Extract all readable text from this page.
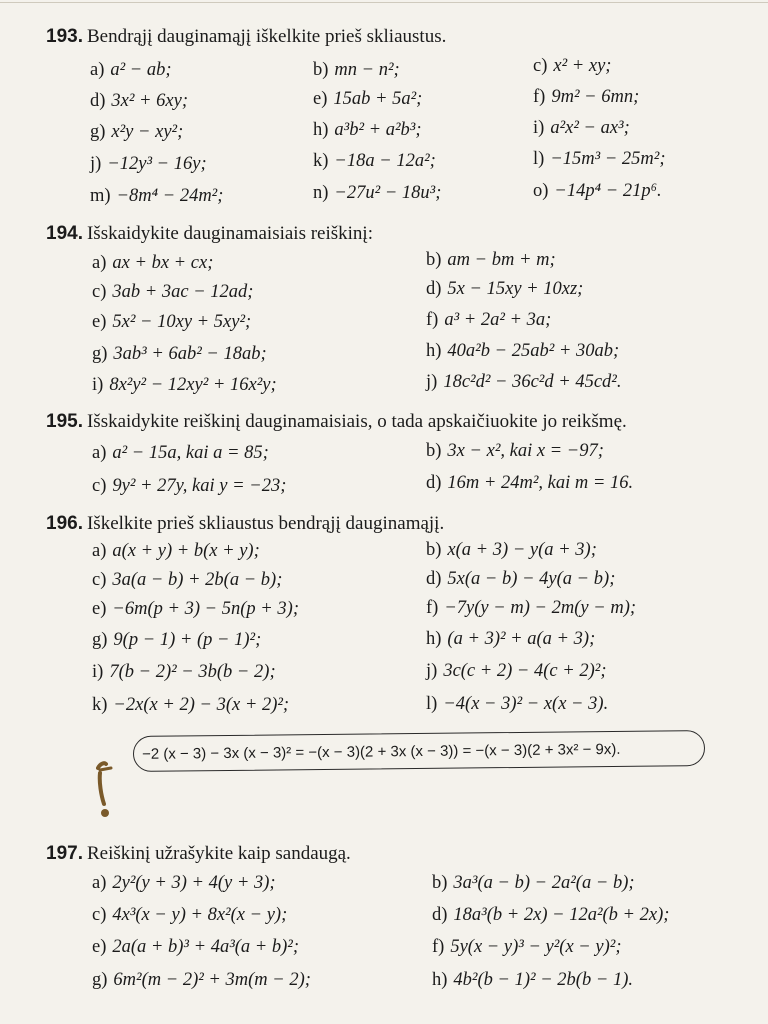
193. Bendrąjį dauginamąjį iškelkite prieš skliaustus.
a) a² − ab;	b) mn − n²;	c) x² + xy;
d) 3x² + 6xy;	e) 15ab + 5a²;	f) 9m² − 6mn;
g) x²y − xy²;	h) a³b² + a²b³;	i) a²x² − ax³;
j) −12y³ − 16y;	k) −18a − 12a²;	l) −15m³ − 25m²;
m) −8m⁴ − 24m²;	n) −27u² − 18u³;	o) −14p⁴ − 21p⁶.
194. Išskaidykite dauginamaisiais reiškinį:
a) ax + bx + cx;	b) am − bm + m;
c) 3ab + 3ac − 12ad;	d) 5x − 15xy + 10xz;
e) 5x² − 10xy + 5xy²;	f) a³ + 2a² + 3a;
g) 3ab³ + 6ab² − 18ab;	h) 40a²b − 25ab² + 30ab;
i) 8x²y² − 12xy² + 16x²y;	j) 18c²d² − 36c²d + 45cd².
195. Išskaidykite reiškinį dauginamaisiais, o tada apskaičiuokite jo reikšmę.
a) a² − 15a, kai a = 85;	b) 3x − x², kai x = −97;
c) 9y² + 27y, kai y = −23;	d) 16m + 24m², kai m = 16.
196. Iškelkite prieš skliaustus bendrąjį dauginamąjį.
a) a(x + y) + b(x + y);	b) x(a + 3) − y(a + 3);
c) 3a(a − b) + 2b(a − b);	d) 5x(a − b) − 4y(a − b);
e) −6m(p + 3) − 5n(p + 3);	f) −7y(y − m) − 2m(y − m);
g) 9(p − 1) + (p − 1)²;	h) (a + 3)² + a(a + 3);
i) 7(b − 2)² − 3b(b − 2);	j) 3c(c + 2) − 4(c + 2)²;
k) −2x(x + 2) − 3(x + 2)²;	l) −4(x − 3)² − x(x − 3).
−2 (x − 3) − 3x (x − 3)² = −(x − 3)(2 + 3x (x − 3)) = −(x − 3)(2 + 3x² − 9x).
197. Reiškinį užrašykite kaip sandaugą.
a) 2y²(y + 3) + 4(y + 3);	b) 3a³(a − b) − 2a²(a − b);
c) 4x³(x − y) + 8x²(x − y);	d) 18a³(b + 2x) − 12a²(b + 2x);
e) 2a(a + b)³ + 4a³(a + b)²;	f) 5y(x − y)³ − y²(x − y)²;
g) 6m²(m − 2)² + 3m(m − 2);	h) 4b²(b − 1)² − 2b(b − 1).
